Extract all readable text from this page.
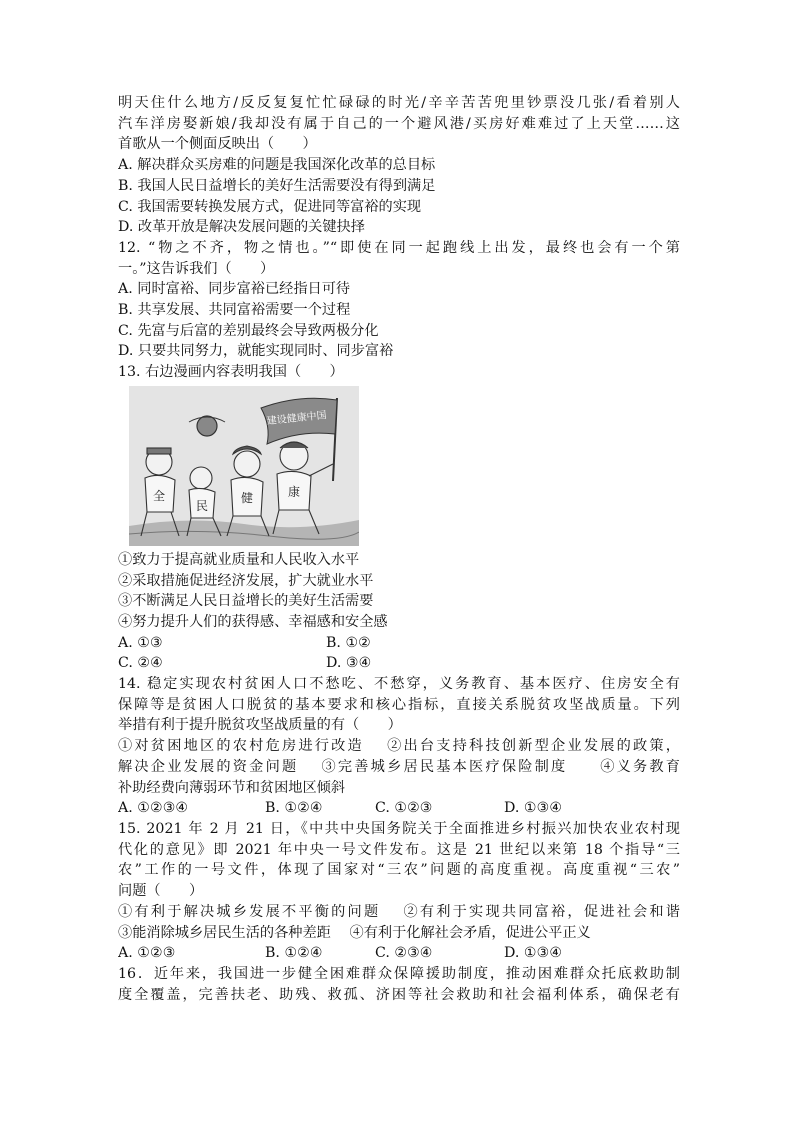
明天住什么地方/反反复复忙忙碌碌的时光/辛辛苦苦兜里钞票没几张/看着别人
汽车洋房娶新娘/我却没有属于自己的一个避风港/买房好难难过了上天堂……这
首歌从一个侧面反映出（　　）
A. 解决群众买房难的问题是我国深化改革的总目标
B. 我国人民日益增长的美好生活需要没有得到满足
C. 我国需要转换发展方式，促进同等富裕的实现
D. 改革开放是解决发展问题的关键抉择
12. “物之不齐，物之情也。”“即使在同一起跑线上出发，最终也会有一个第
一。”这告诉我们（　　）
A. 同时富裕、同步富裕已经指日可待
B. 共享发展、共同富裕需要一个过程
C. 先富与后富的差别最终会导致两极分化
D. 只要共同努力，就能实现同时、同步富裕
13. 右边漫画内容表明我国（　　）
建设健康中国
全
民
健	康
①致力于提高就业质量和人民收入水平
②采取措施促进经济发展，扩大就业水平
③不断满足人民日益增长的美好生活需要
④努力提升人们的获得感、幸福感和安全感
A. ①③	B. ①②
C. ②④	D. ③④
14. 稳定实现农村贫困人口不愁吃、不愁穿，义务教育、基本医疗、住房安全有
保障等是贫困人口脱贫的基本要求和核心指标，直接关系脱贫攻坚战质量。下列
举措有利于提升脱贫攻坚战质量的有（　　）
①对贫困地区的农村危房进行改造　 ②出台支持科技创新型企业发展的政策，
解决企业发展的资金问题　 ③完善城乡居民基本医疗保险制度　　④义务教育
补助经费向薄弱环节和贫困地区倾斜
A. ①②③④	B. ①②④	C. ①②③	D. ①③④
15. 2021 年 2 月 21 日，《中共中央国务院关于全面推进乡村振兴加快农业农村现
代化的意见》即 2021 年中央一号文件发布。这是 21 世纪以来第 18 个指导“三
农”工作的一号文件，体现了国家对“三农”问题的高度重视。高度重视“三农”
问题（　　）
①有利于解决城乡发展不平衡的问题　 ②有利于实现共同富裕，促进社会和谐
③能消除城乡居民生活的各种差距　 ④有利于化解社会矛盾，促进公平正义
A. ①②③	B. ①②④	C. ②③④	D. ①③④
16．近年来，我国进一步健全困难群众保障援助制度，推动困难群众托底救助制
度全覆盖，完善扶老、助残、救孤、济困等社会救助和社会福利体系，确保老有
